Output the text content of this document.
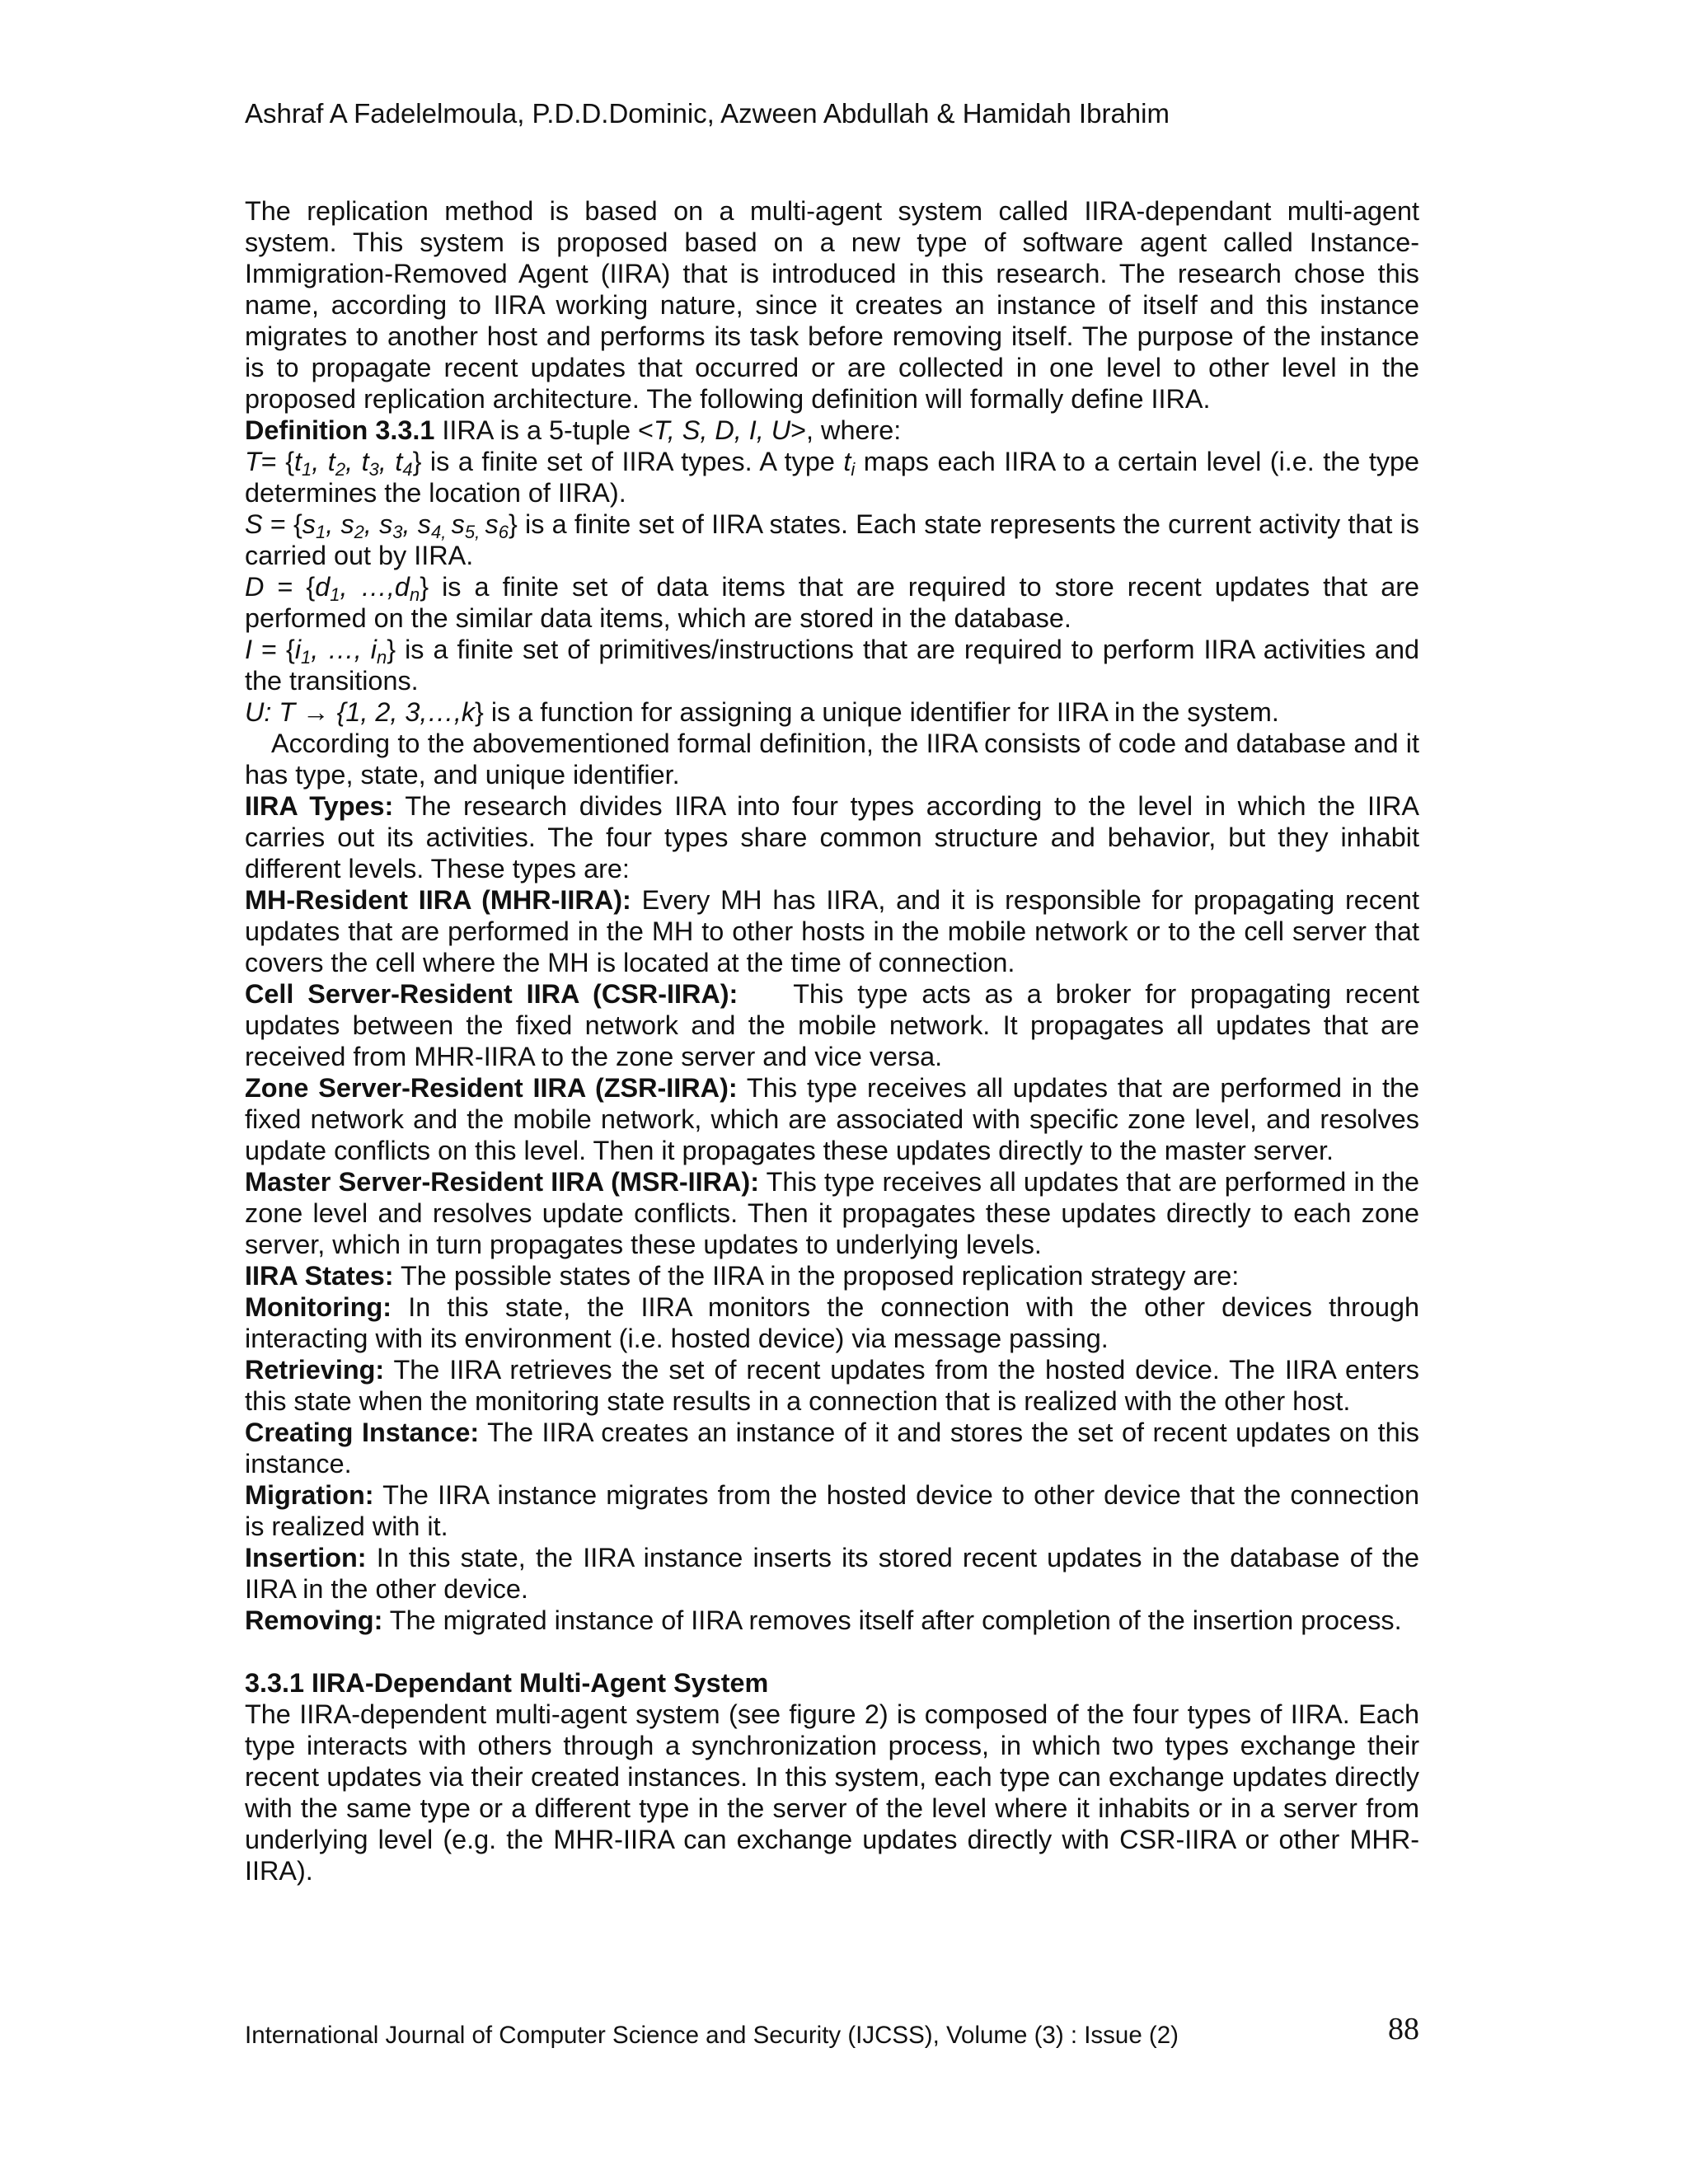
Ashraf A Fadelelmoula, P.D.D.Dominic, Azween Abdullah & Hamidah Ibrahim

The replication method is based on a multi-agent system called IIRA-dependant multi-agent system. This system is proposed based on a new type of software agent called Instance-Immigration-Removed Agent (IIRA) that is introduced in this research. The research chose this name, according to IIRA working nature, since it creates an instance of itself and this instance migrates to another host and performs its task before removing itself. The purpose of the instance is to propagate recent updates that occurred or are collected in one level to other level in the proposed replication architecture. The following definition will formally define IIRA.

Definition 3.3.1 IIRA is a 5-tuple <T, S, D, I, U>, where:

$T= \{t_1$, $t_2$, $t_3$, $t_4$} is a finite set of IIRA types. A type $t_i$ maps each IIRA to a certain level (i.e. the type determines the location of IIRA).

$S = \{s_1$, $s_2$, $s_3$, $s_{4,}$ $s_{5,}$ $s_6$} is a finite set of IIRA states. Each state represents the current activity that is carried out by IIRA.

$D = \{d_1$, $\dots,d_n$} is a finite set of data items that are required to store recent updates that are performed on the similar data items, which are stored in the database.

$I = \{i_1$, …, $i_n$} is a finite set of primitives/instructions that are required to perform IIRA activities and the transitions.

U: T → {1, 2, 3,…,k} is a function for assigning a unique identifier for IIRA in the system.

According to the abovementioned formal definition, the IIRA consists of code and database and it has type, state, and unique identifier.

IIRA Types: The research divides IIRA into four types according to the level in which the IIRA carries out its activities. The four types share common structure and behavior, but they inhabit different levels. These types are:

MH-Resident IIRA (MHR-IIRA): Every MH has IIRA, and it is responsible for propagating recent updates that are performed in the MH to other hosts in the mobile network or to the cell server that covers the cell where the MH is located at the time of connection.

Cell Server-Resident IIRA (CSR-IIRA):    This type acts as a broker for propagating recent updates between the fixed network and the mobile network. It propagates all updates that are received from MHR-IIRA to the zone server and vice versa.

Zone Server-Resident IIRA (ZSR-IIRA): This type receives all updates that are performed in the fixed network and the mobile network, which are associated with specific zone level, and resolves update conflicts on this level. Then it propagates these updates directly to the master server.

Master Server-Resident IIRA (MSR-IIRA): This type receives all updates that are performed in the zone level and resolves update conflicts. Then it propagates these updates directly to each zone server, which in turn propagates these updates to underlying levels.

IIRA States: The possible states of the IIRA in the proposed replication strategy are:

Monitoring: In this state, the IIRA monitors the connection with the other devices through interacting with its environment (i.e. hosted device) via message passing.

Retrieving: The IIRA retrieves the set of recent updates from the hosted device. The IIRA enters this state when the monitoring state results in a connection that is realized with the other host.

Creating Instance: The IIRA creates an instance of it and stores the set of recent updates on this instance.

Migration: The IIRA instance migrates from the hosted device to other device that the connection is realized with it.

Insertion: In this state, the IIRA instance inserts its stored recent updates in the database of the IIRA in the other device.

Removing: The migrated instance of IIRA removes itself after completion of the insertion process.

3.3.1 IIRA-Dependant Multi-Agent System

The IIRA-dependent multi-agent system (see figure 2) is composed of the four types of IIRA. Each type interacts with others through a synchronization process, in which two types exchange their recent updates via their created instances. In this system, each type can exchange updates directly with the same type or a different type in the server of the level where it inhabits or in a server from underlying level (e.g. the MHR-IIRA can exchange updates directly with CSR-IIRA or other MHR-IIRA).

International Journal of Computer Science and Security (IJCSS), Volume (3) : Issue (2)	88
